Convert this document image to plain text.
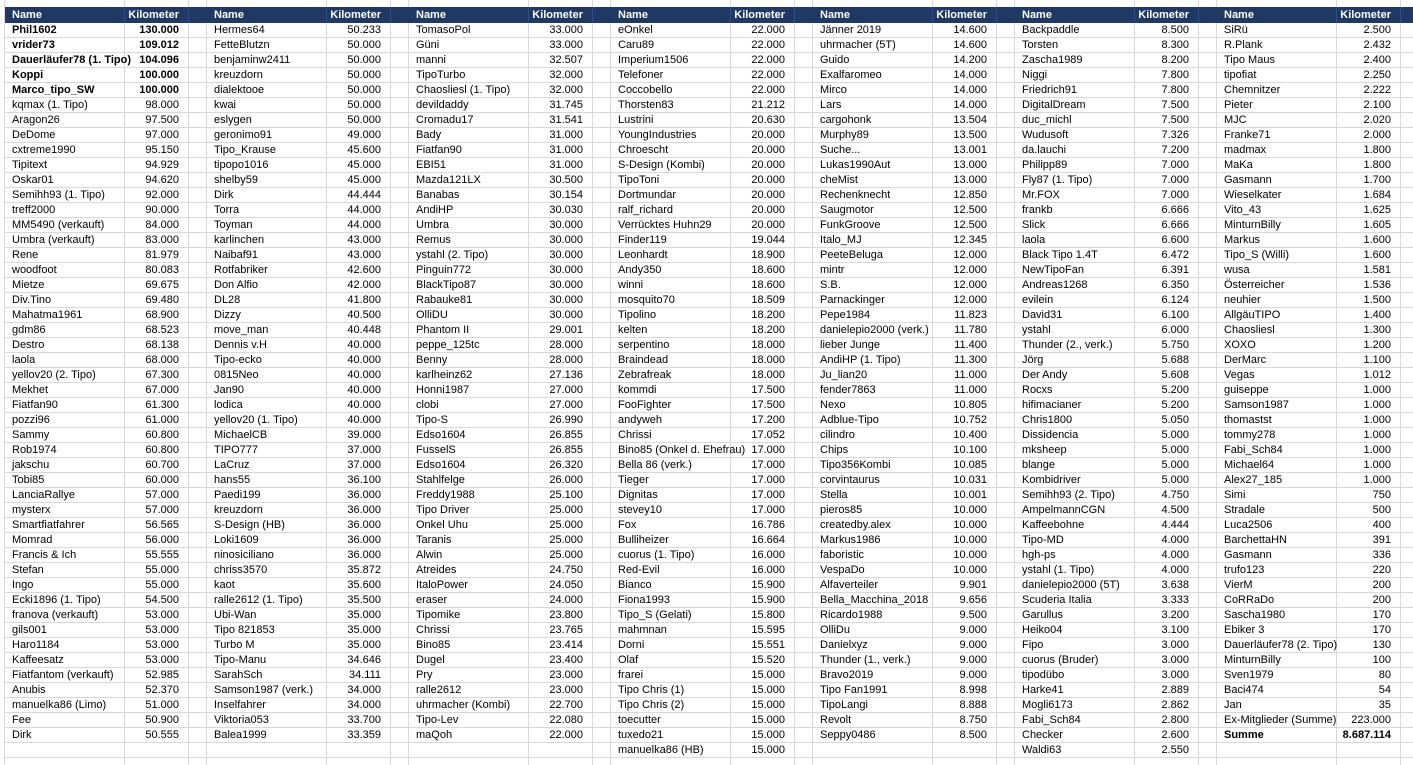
Name	Kilometer
Phil1602	130.000
vrider73	109.012
Dauerläufer78 (1. Tipo) 104.096
Koppi	100.000
Marco_tipo_SW	100.000
kqmax (1. Tipo)	98.000
Aragon26	97.500
DeDome	97.000
cxtreme1990	95.150
Tipitext	94.929
Oskar01	94.620
Semihh93 (1. Tipo)	92.000
treff2000	90.000
MM5490 (verkauft)	84.000
Umbra (verkauft)	83.000
Rene	81.979
woodfoot	80.083
Mietze	69.675
Div.Tino	69.480
Mahatma1961	68.900
gdm86	68.523
Destro	68.138
laola	68.000
yellov20 (2. Tipo)	67.300
Mekhet	67.000
Fiatfan90	61.300
pozzi96	61.000
Sammy	60.800
Rob1974	60.800
jakschu	60.700
Tobi85	60.000
LanciaRallye	57.000
mysterx	57.000
Smartfiatfahrer	56.565
Momrad	56.000
Francis & Ich	55.555
Stefan	55.000
Ingo	55.000
Ecki1896 (1. Tipo)	54.500
franova (verkauft)	53.000
gils001	53.000
Haro1184	53.000
Kaffeesatz	53.000
Fiatfantom (verkauft)	52.985
Anubis	52.370
manuelka86 (Limo)	51.000
Fee	50.900
Dirk	50.555
Name	Kilometer
Hermes64	50.233
FetteBlutzn	50.000
benjaminw2411	50.000
kreuzdorn	50.000
dialektooe	50.000
kwai	50.000
eslygen	50.000
geronimo91	49.000
Tipo_Krause	45.600
tipopo1016	45.000
shelby59	45.000
Dirk	44.444
Torra	44.000
Toyman	44.000
karlinchen	43.000
Naibaf91	43.000
Rotfabriker	42.600
Don Alfio	42.000
DL28	41.800
Dizzy	40.500
move_man	40.448
Dennis v.H	40.000
Tipo-ecko	40.000
0815Neo	40.000
Jan90	40.000
lodica	40.000
yellov20 (1. Tipo)	40.000
MichaelCB	39.000
TIPO777	37.000
LaCruz	37.000
hans55	36.100
Paedi199	36.000
kreuzdorn	36.000
S-Design (HB)	36.000
Loki1609	36.000
ninosiciliano	36.000
chriss3570	35.872
kaot	35.600
ralle2612 (1. Tipo)	35.500
Ubi-Wan	35.000
Tipo 821853	35.000
Turbo M	35.000
Tipo-Manu	34.646
SarahSch	34.111
Samson1987 (verk.)	34.000
Inselfahrer	34.000
Viktoria053	33.700
Balea1999	33.359
Name	Kilometer
TomasoPol	33.000
Güni	33.000
manni	32.507
TipoTurbo	32.000
Chaosliesl (1. Tipo)	32.000
devildaddy	31.745
Cromadu17	31.541
Bady	31.000
Fiatfan90	31.000
EBI51	31.000
Mazda121LX	30.500
Banabas	30.154
AndiHP	30.030
Umbra	30.000
Remus	30.000
ystahl (2. Tipo)	30.000
Pinguin772	30.000
BlackTipo87	30.000
Rabauke81	30.000
OlliDU	30.000
Phantom II	29.001
peppe_125tc	28.000
Benny	28.000
karlheinz62	27.136
Honni1987	27.000
clobi	27.000
Tipo-S	26.990
Edso1604	26.855
FusselS	26.855
Edso1604	26.320
Stahlfelge	26.000
Freddy1988	25.100
Tipo Driver	25.000
Onkel Uhu	25.000
Taranis	25.000
Alwin	25.000
Atreides	24.750
ItaloPower	24.050
eraser	24.000
Tipomike	23.800
Chrissi	23.765
Bino85	23.414
Dugel	23.400
Pry	23.000
ralle2612	23.000
uhrmacher (Kombi)	22.700
Tipo-Lev	22.080
maQoh	22.000
Name	Kilometer
eOnkel	22.000
Caru89	22.000
Imperium1506	22.000
Telefoner	22.000
Coccobello	22.000
Thorsten83	21.212
Lustrini	20.630
YoungIndustries	20.000
Chroescht	20.000
S-Design (Kombi)	20.000
TipoToni	20.000
Dortmundar	20.000
ralf_richard	20.000
Verrücktes Huhn29	20.000
Finder119	19.044
Leonhardt	18.900
Andy350	18.600
winni	18.600
mosquito70	18.509
Tipolino	18.200
kelten	18.200
serpentino	18.000
Braindead	18.000
Zebrafreak	18.000
kommdi	17.500
FooFighter	17.500
andyweh	17.200
Chrissi	17.052
Bino85 (Onkel d. Ehefrau) 17.000
Bella 86 (verk.)	17.000
Tieger	17.000
Dignitas	17.000
stevey10	17.000
Fox	16.786
Bulliheizer	16.664
cuorus (1. Tipo)	16.000
Red-Evil	16.000
Bianco	15.900
Fiona1993	15.900
Tipo_S (Gelati)	15.800
mahmnan	15.595
Dorni	15.551
Olaf	15.520
frarei	15.000
Tipo Chris (1)	15.000
Tipo Chris (2)	15.000
toecutter	15.000
tuxedo21	15.000
manuelka86 (HB)	15.000
Name	Kilometer
Jänner 2019	14.600
uhrmacher (5T)	14.600
Guido	14.200
Exalfaromeo	14.000
Mirco	14.000
Lars	14.000
cargohonk	13.504
Murphy89	13.500
Suche...	13.001
Lukas1990Aut	13.000
cheMist	13.000
Rechenknecht	12.850
Saugmotor	12.500
FunkGroove	12.500
Italo_MJ	12.345
PeeteBeluga	12.000
mintr	12.000
S.B.	12.000
Parnackinger	12.000
Pepe1984	11.823
danielepio2000 (verk.)	11.780
lieber Junge	11.400
AndiHP (1. Tipo)	11.300
Ju_lian20	11.000
fender7863	11.000
Nexo	10.805
Adblue-Tipo	10.752
cilindro	10.400
Chips	10.100
Tipo356Kombi	10.085
corvintaurus	10.031
Stella	10.001
pieros85	10.000
createdby.alex	10.000
Markus1986	10.000
faboristic	10.000
VespaDo	10.000
Alfaverteiler	9.901
Bella_Macchina_2018	9.656
Ricardo1988	9.500
OlliDu	9.000
Danielxyz	9.000
Thunder (1., verk.)	9.000
Bravo2019	9.000
Tipo Fan1991	8.998
TipoLangi	8.888
Revolt	8.750
Seppy0486	8.500
Name	Kilometer
Backpaddle	8.500
Torsten	8.300
Zascha1989	8.200
Niggi	7.800
Friedrich91	7.800
DigitalDream	7.500
duc_michl	7.500
Wudusoft	7.326
da.lauchi	7.200
Philipp89	7.000
Fly87 (1. Tipo)	7.000
Mr.FOX	7.000
frankb	6.666
Slick	6.666
laola	6.600
Black Tipo 1.4T	6.472
NewTipoFan	6.391
Andreas1268	6.350
evilein	6.124
David31	6.100
ystahl	6.000
Thunder (2., verk.)	5.750
Jörg	5.688
Der Andy	5.608
Rocxs	5.200
hifimacianer	5.200
Chris1800	5.050
Dissidencia	5.000
mksheep	5.000
blange	5.000
Kombidriver	5.000
Semihh93 (2. Tipo)	4.750
AmpelmannCGN	4.500
Kaffeebohne	4.444
Tipo-MD	4.000
hgh-ps	4.000
ystahl (1. Tipo)	4.000
danielepio2000 (5T)	3.638
Scuderia Italia	3.333
Garullus	3.200
Heiko04	3.100
Fipo	3.000
cuorus (Bruder)	3.000
tipodübo	3.000
Harke41	2.889
Mogli6173	2.862
Fabi_Sch84	2.800
Checker	2.600
Waldi63	2.550
Name	Kilometer
SiRü	2.500
R.Plank	2.432
Tipo Maus	2.400
tipofiat	2.250
Chemnitzer	2.222
Pieter	2.100
MJC	2.020
Franke71	2.000
madmax	1.800
MaKa	1.800
Gasmann	1.700
Wieselkater	1.684
Vito_43	1.625
MinturnBilly	1.605
Markus	1.600
Tipo_S (Willi)	1.600
wusa	1.581
Österreicher	1.536
neuhier	1.500
AllgäuTIPO	1.400
Chaosliesl	1.300
XOXO	1.200
DerMarc	1.100
Vegas	1.012
guiseppe	1.000
Samson1987	1.000
thomastst	1.000
tommy278	1.000
Fabi_Sch84	1.000
Michael64	1.000
Alex27_185	1.000
Simi	750
Stradale	500
Luca2506	400
BarchettaHN	391
Gasmann	336
trufo123	220
VierM	200
CoRRaDo	200
Sascha1980	170
Ebiker 3	170
Dauerläufer78 (2. Tipo)	130
MinturnBilly	100
Sven1979	80
Baci474	54
Jan	35
Ex-Mitglieder (Summe)	223.000
Summe	8.687.114
